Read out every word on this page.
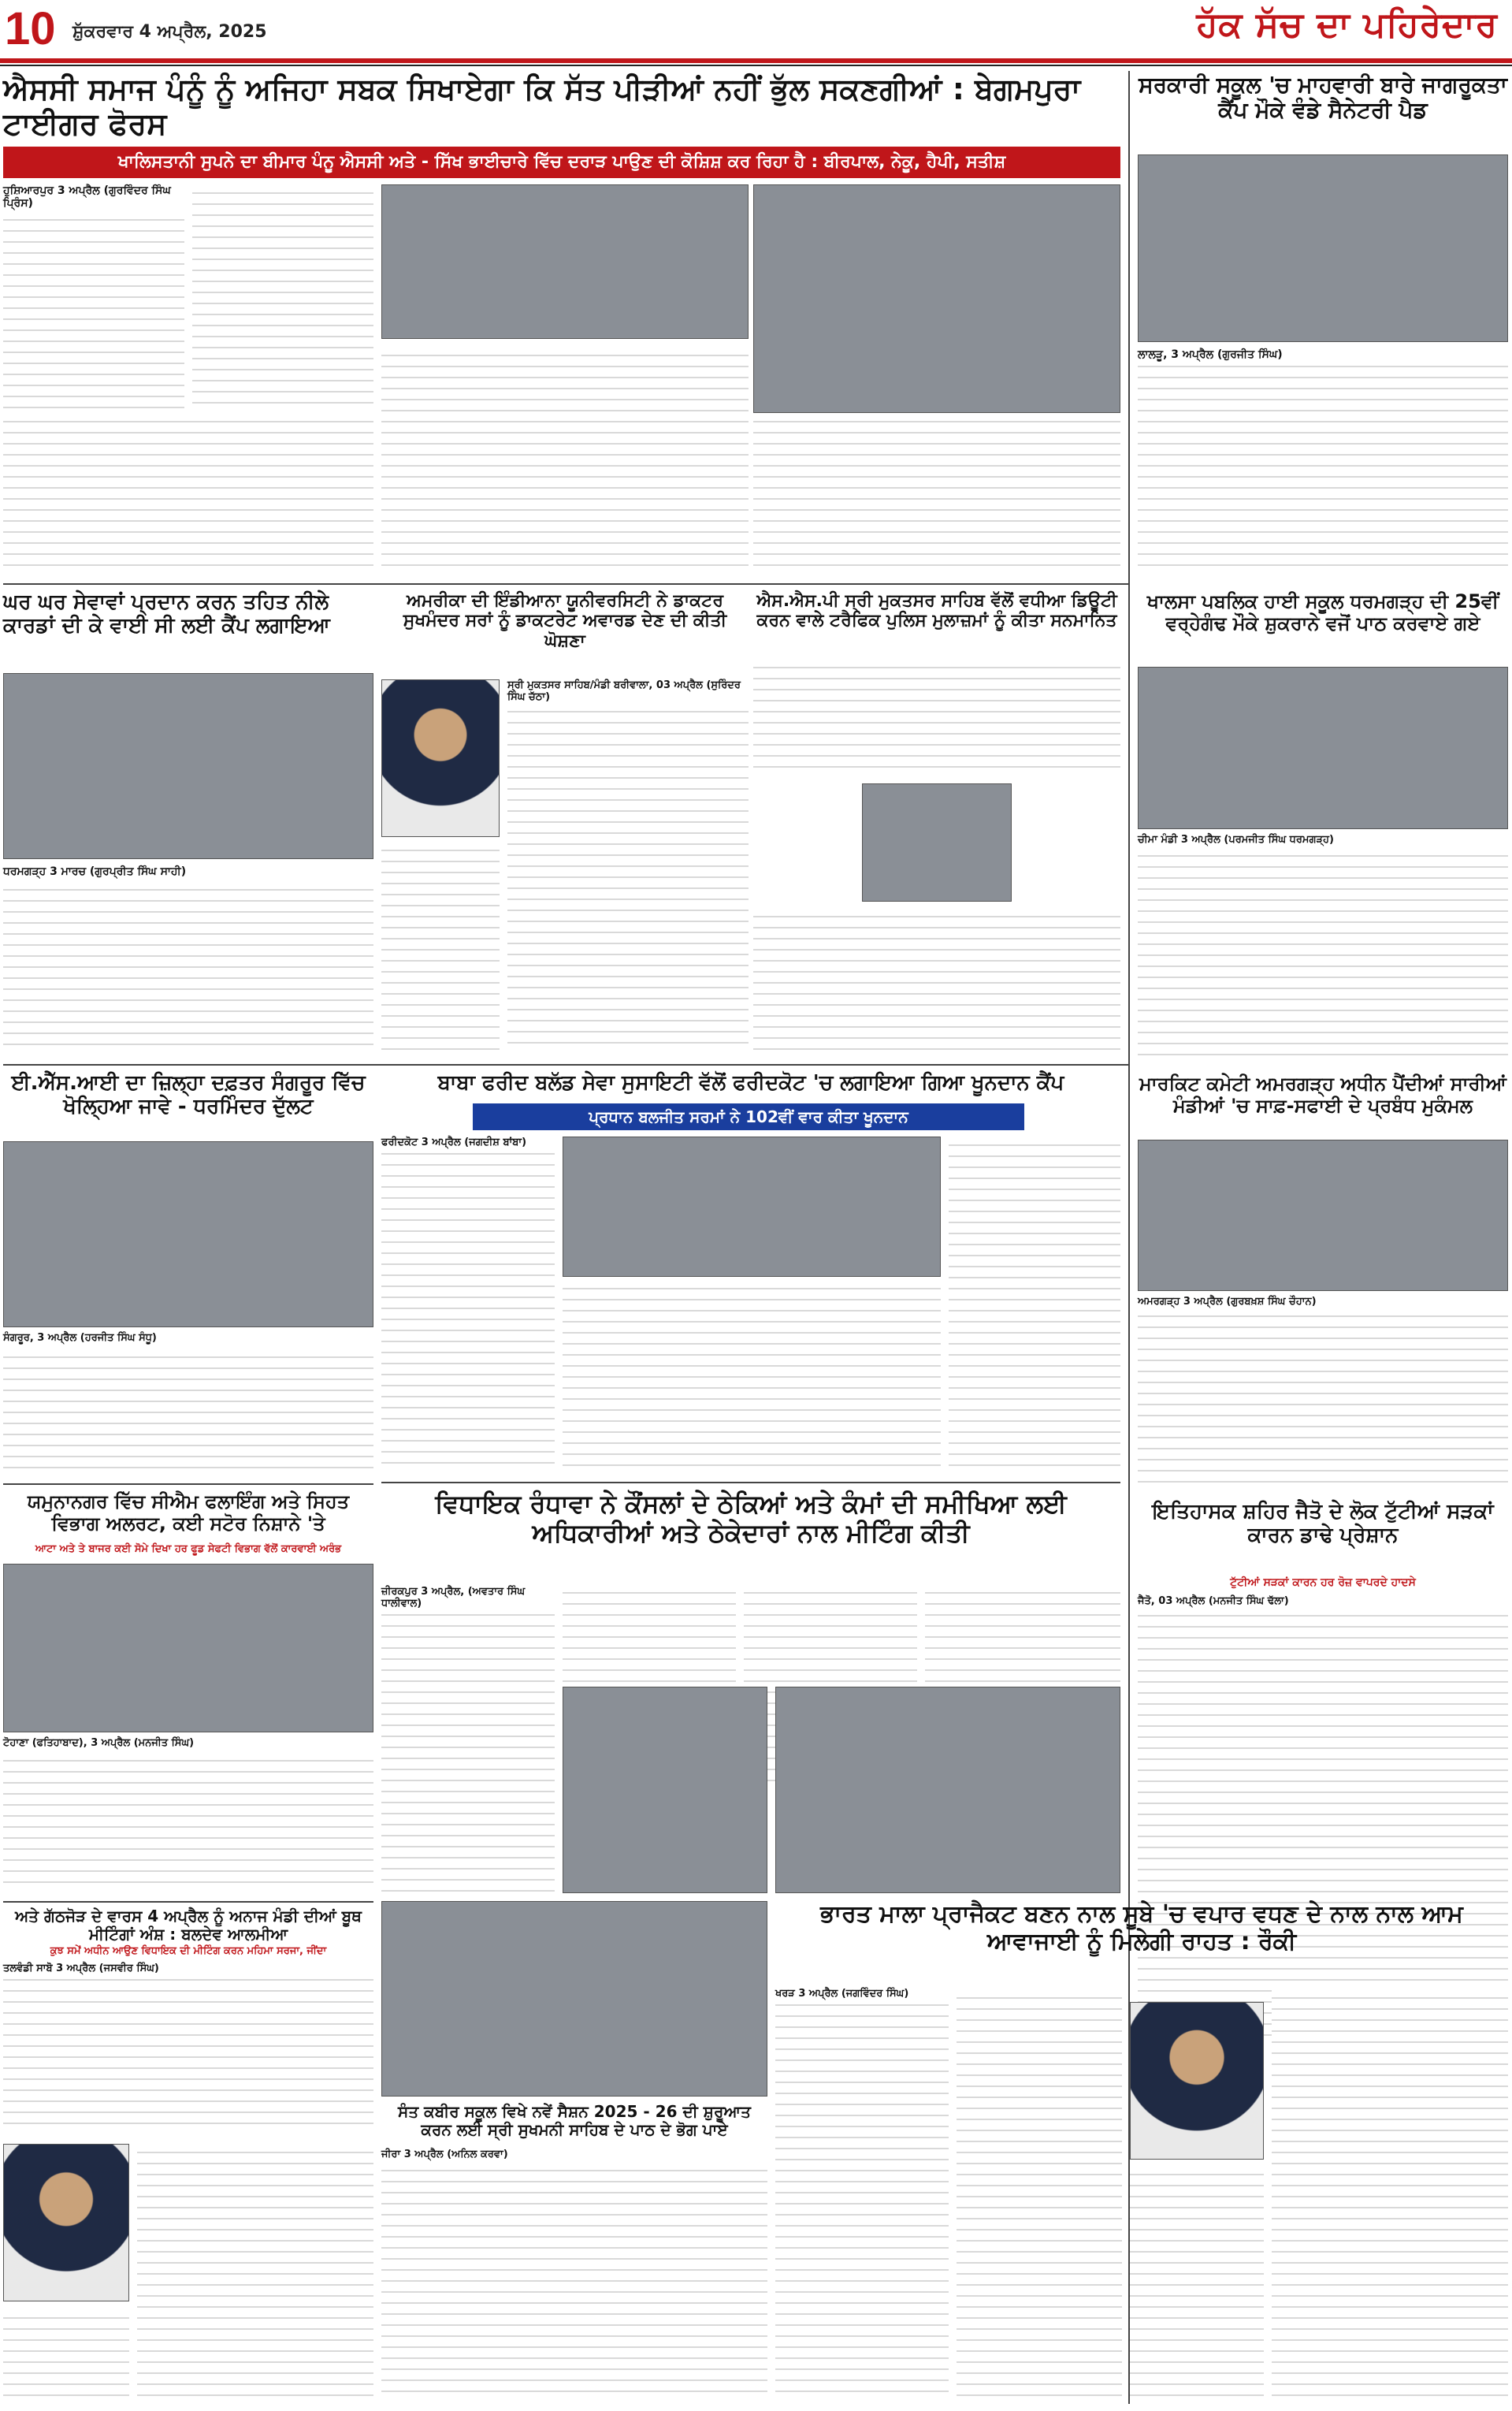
10 ਸ਼ੁੱਕਰਵਾਰ 4 ਅਪ੍ਰੈਲ, 2025	ਹੱਕ ਸੱਚ ਦਾ ਪਹਿਰੇਦਾਰ
ਐਸਸੀ ਸਮਾਜ ਪੰਨੂੰ ਨੂੰ ਅਜਿਹਾ ਸਬਕ ਸਿਖਾਏਗਾ ਕਿ ਸੱਤ ਪੀੜੀਆਂ ਨਹੀਂ ਭੁੱਲ ਸਕਣਗੀਆਂ : ਬੇਗਮਪੁਰਾ ਟਾਈਗਰ ਫੋਰਸ
ਖਾਲਿਸਤਾਨੀ ਸੁਪਨੇ ਦਾ ਬੀਮਾਰ ਪੰਨੂ ਐਸਸੀ ਅਤੇ - ਸਿੱਖ ਭਾਈਚਾਰੇ ਵਿੱਚ ਦਰਾੜ ਪਾਉਣ ਦੀ ਕੋਸ਼ਿਸ਼ ਕਰ ਰਿਹਾ ਹੈ : ਬੀਰਪਾਲ, ਨੇਕੂ, ਹੈਪੀ, ਸਤੀਸ਼
ਹੁਸ਼ਿਆਰਪੁਰ 3 ਅਪ੍ਰੈਲ (ਗੁਰਵਿੰਦਰ ਸਿੰਘ ਪ੍ਰਿੰਸ)
ਸਰਕਾਰੀ ਸਕੂਲ 'ਚ ਮਾਹਵਾਰੀ ਬਾਰੇ ਜਾਗਰੂਕਤਾ ਕੈਂਪ ਮੌਕੇ ਵੰਡੇ ਸੈਨੇਟਰੀ ਪੈਡ
ਲਾਲੜੂ, 3 ਅਪ੍ਰੈਲ (ਗੁਰਜੀਤ ਸਿੰਘ)
ਘਰ ਘਰ ਸੇਵਾਵਾਂ ਪ੍ਰਦਾਨ ਕਰਨ ਤਹਿਤ ਨੀਲੇ ਕਾਰਡਾਂ ਦੀ ਕੇ ਵਾਈ ਸੀ ਲਈ ਕੈਂਪ ਲਗਾਇਆ
ਧਰਮਗੜ੍ਹ 3 ਮਾਰਚ (ਗੁਰਪ੍ਰੀਤ ਸਿੰਘ ਸਾਹੀ)
ਅਮਰੀਕਾ ਦੀ ਇੰਡੀਆਨਾ ਯੂਨੀਵਰਸਿਟੀ ਨੇ ਡਾਕਟਰ ਸੁਖਮੰਦਰ ਸਰਾਂ ਨੂੰ ਡਾਕਟਰੇਟ ਅਵਾਰਡ ਦੇਣ ਦੀ ਕੀਤੀ ਘੋਸ਼ਣਾ
ਸ੍ਰੀ ਮੁਕਤਸਰ ਸਾਹਿਬ/ਮੰਡੀ ਬਰੀਵਾਲਾ, 03 ਅਪ੍ਰੈਲ (ਸੁਰਿੰਦਰ ਸਿੰਘ ਚੱਠਾ)
ਐਸ.ਐਸ.ਪੀ ਸ੍ਰੀ ਮੁਕਤਸਰ ਸਾਹਿਬ ਵੱਲੋਂ ਵਧੀਆ ਡਿਊਟੀ ਕਰਨ ਵਾਲੇ ਟਰੈਫਿਕ ਪੁਲਿਸ ਮੁਲਾਜ਼ਮਾਂ ਨੂੰ ਕੀਤਾ ਸਨਮਾਨਿਤ
ਖਾਲਸਾ ਪਬਲਿਕ ਹਾਈ ਸਕੂਲ ਧਰਮਗੜ੍ਹ ਦੀ 25ਵੀਂ ਵਰ੍ਹੇਗੰਢ ਮੌਕੇ ਸ਼ੁਕਰਾਨੇ ਵਜੋਂ ਪਾਠ ਕਰਵਾਏ ਗਏ
ਚੀਮਾ ਮੰਡੀ 3 ਅਪ੍ਰੈਲ (ਪਰਮਜੀਤ ਸਿੰਘ ਧਰਮਗੜ੍ਹ)
ਈ.ਐੱਸ.ਆਈ ਦਾ ਜ਼ਿਲ੍ਹਾ ਦਫ਼ਤਰ ਸੰਗਰੂਰ ਵਿੱਚ ਖੋਲ੍ਹਿਆ ਜਾਵੇ - ਧਰਮਿੰਦਰ ਦੁੱਲਟ
ਸੰਗਰੂਰ, 3 ਅਪ੍ਰੈਲ (ਹਰਜੀਤ ਸਿੰਘ ਸੰਧੂ)
ਬਾਬਾ ਫਰੀਦ ਬਲੱਡ ਸੇਵਾ ਸੁਸਾਇਟੀ ਵੱਲੋਂ ਫਰੀਦਕੋਟ 'ਚ ਲਗਾਇਆ ਗਿਆ ਖੂਨਦਾਨ ਕੈਂਪ
ਪ੍ਰਧਾਨ ਬਲਜੀਤ ਸਰਮਾਂ ਨੇ 102ਵੀਂ ਵਾਰ ਕੀਤਾ ਖੂਨਦਾਨ
ਫਰੀਦਕੋਟ 3 ਅਪ੍ਰੈਲ (ਜਗਦੀਸ਼ ਬਾਂਬਾ)
ਮਾਰਕਿਟ ਕਮੇਟੀ ਅਮਰਗੜ੍ਹ ਅਧੀਨ ਪੈਂਦੀਆਂ ਸਾਰੀਆਂ ਮੰਡੀਆਂ 'ਚ ਸਾਫ਼-ਸਫਾਈ ਦੇ ਪ੍ਰਬੰਧ ਮੁਕੰਮਲ
ਅਮਰਗੜ੍ਹ 3 ਅਪ੍ਰੈਲ (ਗੁਰਬਖ਼ਸ਼ ਸਿੰਘ ਚੌਹਾਨ)
ਯਮੁਨਾਨਗਰ ਵਿੱਚ ਸੀਐਮ ਫਲਾਇੰਗ ਅਤੇ ਸਿਹਤ ਵਿਭਾਗ ਅਲਰਟ, ਕਈ ਸਟੋਰ ਨਿਸ਼ਾਨੇ 'ਤੇ
ਆਟਾ ਅਤੇ ਤੇ ਬਾਜਰ ਕਈ ਸੋਮੇ ਦਿਖਾ ਹਰ ਫੂਡ ਸੇਫਟੀ ਵਿਭਾਗ ਵੱਲੋਂ ਕਾਰਵਾਈ ਅਰੰਭ
ਟੋਹਾਣਾ (ਫਤਿਹਾਬਾਦ), 3 ਅਪ੍ਰੈਲ (ਮਨਜੀਤ ਸਿੰਘ)
ਵਿਧਾਇਕ ਰੰਧਾਵਾ ਨੇ ਕੌਂਸਲਾਂ ਦੇ ਠੇਕਿਆਂ ਅਤੇ ਕੰਮਾਂ ਦੀ ਸਮੀਖਿਆ ਲਈ ਅਧਿਕਾਰੀਆਂ ਅਤੇ ਠੇਕੇਦਾਰਾਂ ਨਾਲ ਮੀਟਿੰਗ ਕੀਤੀ
ਜ਼ੀਰਕਪੁਰ 3 ਅਪ੍ਰੈਲ, (ਅਵਤਾਰ ਸਿੰਘ ਧਾਲੀਵਾਲ)
ਇਤਿਹਾਸਕ ਸ਼ਹਿਰ ਜੈਤੋ ਦੇ ਲੋਕ ਟੁੱਟੀਆਂ ਸੜਕਾਂ ਕਾਰਨ ਡਾਢੇ ਪ੍ਰੇਸ਼ਾਨ
ਟੁੱਟੀਆਂ ਸੜਕਾਂ ਕਾਰਨ ਹਰ ਰੋਜ਼ ਵਾਪਰਦੇ ਹਾਦਸੇ
ਜੈਤੋ, 03 ਅਪ੍ਰੈਲ (ਮਨਜੀਤ ਸਿੰਘ ਢੱਲਾ)
ਅਤੇ ਗੱਠਜੋੜ ਦੇ ਵਾਰਸ 4 ਅਪ੍ਰੈਲ ਨੂੰ ਅਨਾਜ ਮੰਡੀ ਦੀਆਂ ਬੂਥ ਮੀਟਿੰਗਾਂ ਅੰਸ਼ : ਬਲਦੇਵ ਆਲਮੀਆ
ਕੁਝ ਸਮੇਂ ਅਧੀਨ ਆਉਣ ਵਿਧਾਇਕ ਦੀ ਮੀਟਿੰਗ ਕਰਨ ਮਹਿਮਾ ਸਰਜਾ, ਜੀਂਦਾ
ਤਲਵੰਡੀ ਸਾਬੋ 3 ਅਪ੍ਰੈਲ (ਜਸਵੀਰ ਸਿੰਘ)
ਸੰਤ ਕਬੀਰ ਸਕੂਲ ਵਿਖੇ ਨਵੇਂ ਸੈਸ਼ਨ 2025 - 26 ਦੀ ਸ਼ੁਰੂਆਤ ਕਰਨ ਲਈ ਸ੍ਰੀ ਸੁਖਮਨੀ ਸਾਹਿਬ ਦੇ ਪਾਠ ਦੇ ਭੋਗ ਪਾਏ
ਜੀਰਾ 3 ਅਪ੍ਰੈਲ (ਅਨਿਲ ਕਰਵਾ)
ਭਾਰਤ ਮਾਲਾ ਪ੍ਰਾਜੈਕਟ ਬਣਨ ਨਾਲ ਸੂਬੇ 'ਚ ਵਪਾਰ ਵਧਣ ਦੇ ਨਾਲ ਨਾਲ ਆਮ ਆਵਾਜਾਈ ਨੂੰ ਮਿਲੇਗੀ ਰਾਹਤ : ਰੌਕੀ
ਖਰੜ 3 ਅਪ੍ਰੈਲ (ਜਗਵਿੰਦਰ ਸਿੰਘ)
